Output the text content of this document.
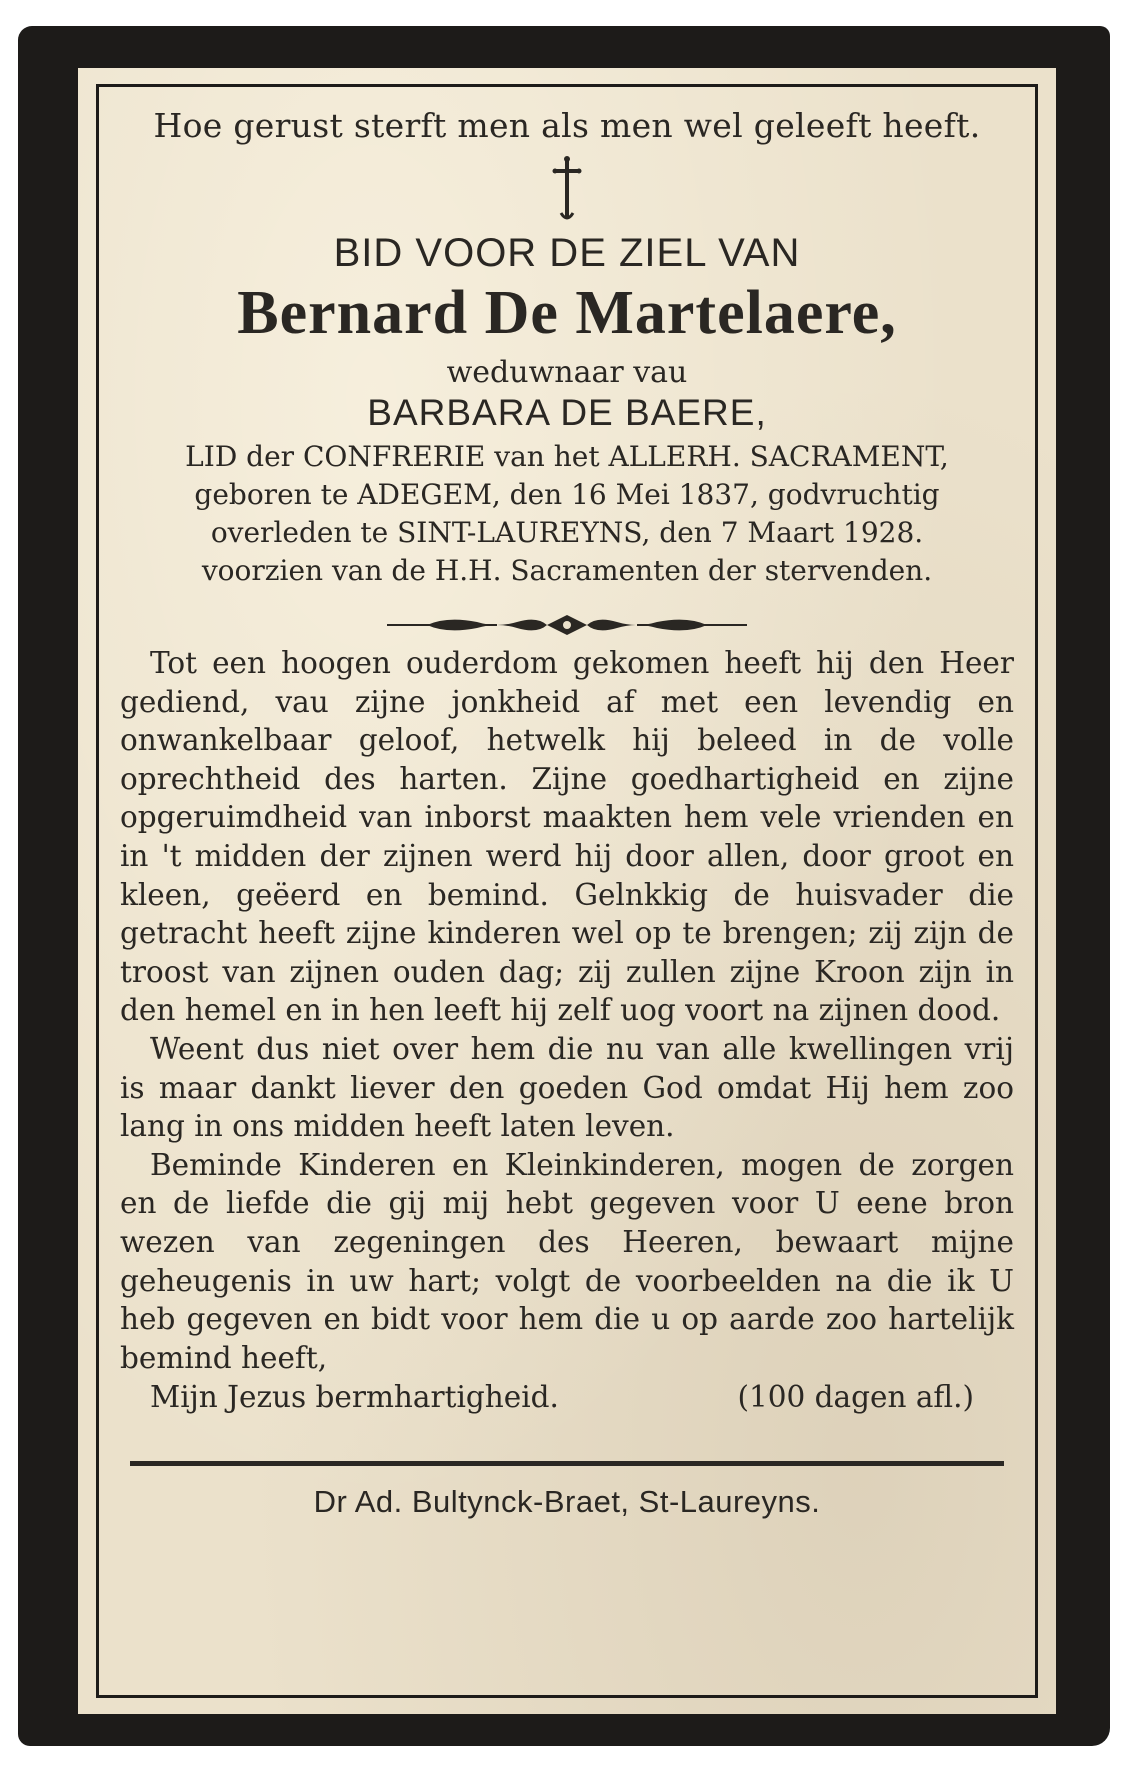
Hoe gerust sterft men als men wel geleeft heeft.
BID VOOR DE ZIEL VAN
Bernard De Martelaere,
weduwnaar vau
BARBARA DE BAERE,
LID der CONFRERIE van het ALLERH. SACRAMENT,
geboren te ADEGEM, den 16 Mei 1837, godvruchtig
overleden te SINT-LAUREYNS, den 7 Maart 1928.
voorzien van de H.H. Sacramenten der stervenden.

Tot een hoogen ouderdom gekomen heeft hij den Heer gediend, vau zijne jonkheid af met een levendig en onwankelbaar geloof, hetwelk hij beleed in de volle oprechtheid des harten. Zijne goedhartigheid en zijne opgeruimdheid van inborst maakten hem vele vrienden en in 't midden der zijnen werd hij door allen, door groot en kleen, geëerd en bemind. Gelnkkig de huisvader die getracht heeft zijne kinderen wel op te brengen; zij zijn de troost van zijnen ouden dag; zij zullen zijne Kroon zijn in den hemel en in hen leeft hij zelf uog voort na zijnen dood.

Weent dus niet over hem die nu van alle kwellingen vrij is maar dankt liever den goeden God omdat Hij hem zoo lang in ons midden heeft laten leven.

Beminde Kinderen en Kleinkinderen, mogen de zorgen en de liefde die gij mij hebt gegeven voor U eene bron wezen van zegeningen des Heeren, bewaart mijne geheugenis in uw hart; volgt de voorbeelden na die ik U heb gegeven en bidt voor hem die u op aarde zoo hartelijk bemind heeft,

Mijn Jezus bermhartigheid.	(100 dagen afl.)
Dr Ad. Bultynck-Braet, St-Laureyns.
